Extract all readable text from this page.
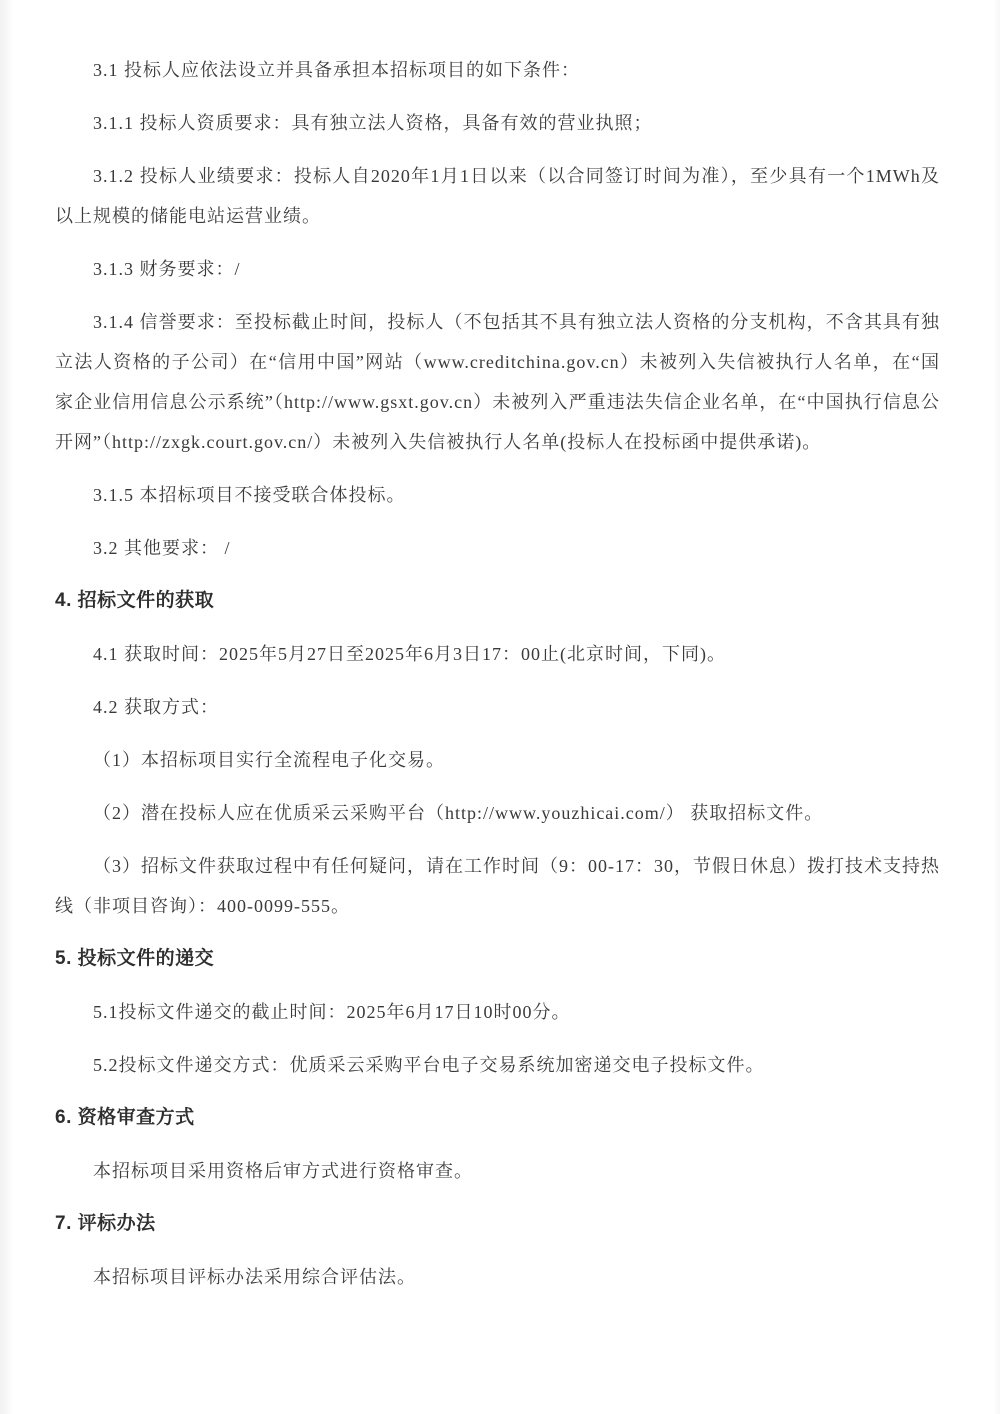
3.1 投标人应依法设立并具备承担本招标项目的如下条件：

3.1.1 投标人资质要求：具有独立法人资格，具备有效的营业执照；

3.1.2 投标人业绩要求：投标人自2020年1月1日以来（以合同签订时间为准），至少具有一个1MWh及以上规模的储能电站运营业绩。

3.1.3 财务要求：/

3.1.4 信誉要求：至投标截止时间，投标人（不包括其不具有独立法人资格的分支机构，不含其具有独立法人资格的子公司）在“信用中国”网站（www.creditchina.gov.cn）未被列入失信被执行人名单，在“国家企业信用信息公示系统”（http://www.gsxt.gov.cn）未被列入严重违法失信企业名单，在“中国执行信息公开网”（http://zxgk.court.gov.cn/）未被列入失信被执行人名单(投标人在投标函中提供承诺)。

3.1.5 本招标项目不接受联合体投标。

3.2 其他要求： /

4. 招标文件的获取

4.1 获取时间：2025年5月27日至2025年6月3日17：00止(北京时间，下同)。

4.2 获取方式：

（1）本招标项目实行全流程电子化交易。

（2）潜在投标人应在优质采云采购平台（http://www.youzhicai.com/） 获取招标文件。

（3）招标文件获取过程中有任何疑问，请在工作时间（9：00-17：30，节假日休息）拨打技术支持热线（非项目咨询）：400-0099-555。

5. 投标文件的递交

5.1投标文件递交的截止时间：2025年6月17日10时00分。

5.2投标文件递交方式：优质采云采购平台电子交易系统加密递交电子投标文件。

6. 资格审查方式

本招标项目采用资格后审方式进行资格审查。

7. 评标办法

本招标项目评标办法采用综合评估法。
